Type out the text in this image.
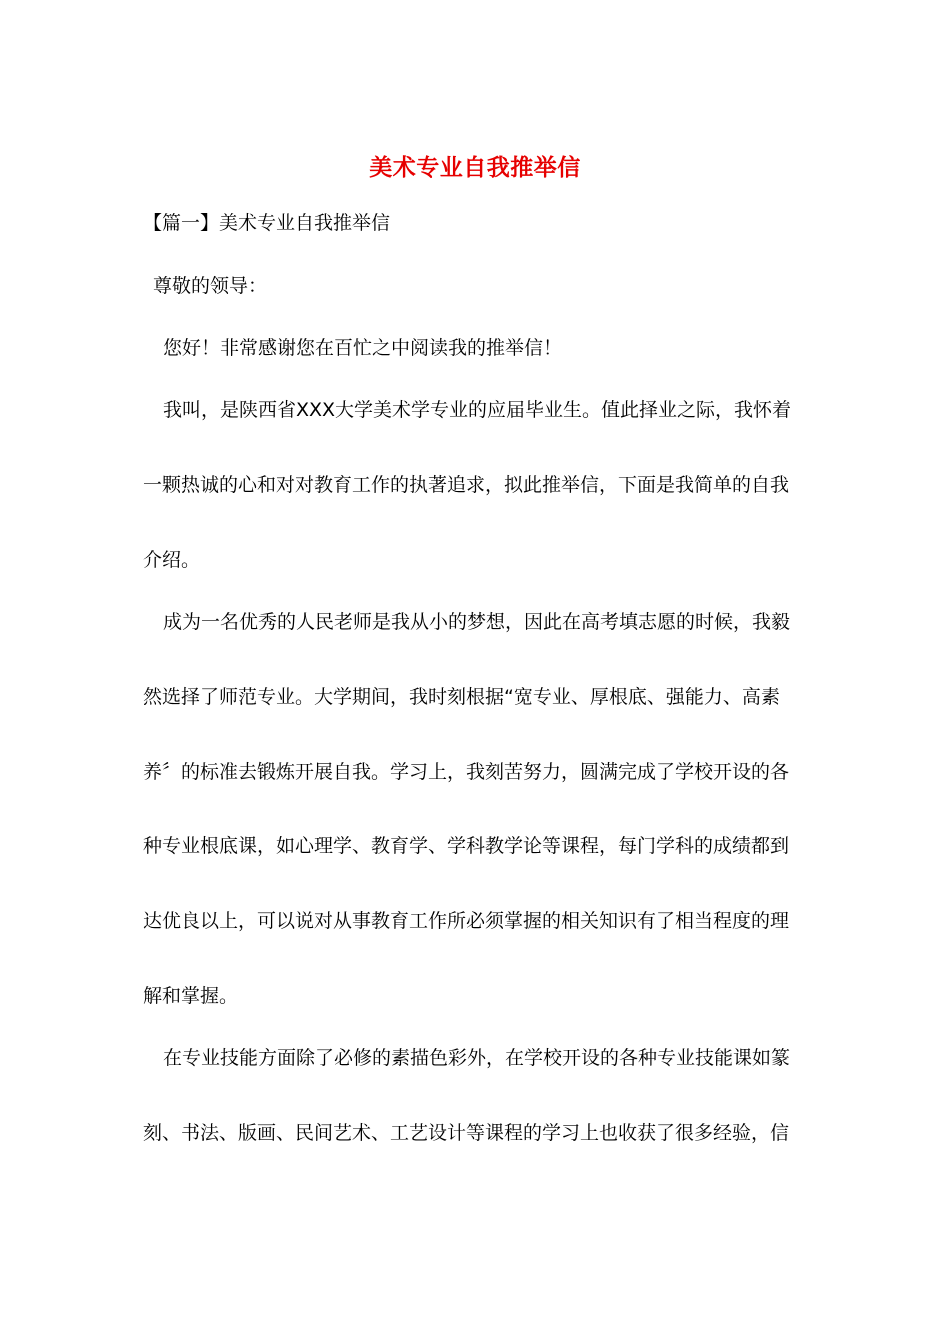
美术专业自我推举信
【篇一】美术专业自我推举信
尊敬的领导：
您好！非常感谢您在百忙之中阅读我的推举信！
我叫，是陕西省XXX大学美术学专业的应届毕业生。值此择业之际，我怀着
一颗热诚的心和对对教育工作的执著追求，拟此推举信，下面是我简单的自我
介绍。
成为一名优秀的人民老师是我从小的梦想，因此在高考填志愿的时候，我毅
然选择了师范专业。大学期间，我时刻根据“宽专业、厚根底、强能力、高素
养〞的标准去锻炼开展自我。学习上，我刻苦努力，圆满完成了学校开设的各
种专业根底课，如心理学、教育学、学科教学论等课程，每门学科的成绩都到
达优良以上，可以说对从事教育工作所必须掌握的相关知识有了相当程度的理
解和掌握。
在专业技能方面除了必修的素描色彩外，在学校开设的各种专业技能课如篆
刻、书法、版画、民间艺术、工艺设计等课程的学习上也收获了很多经验，信
